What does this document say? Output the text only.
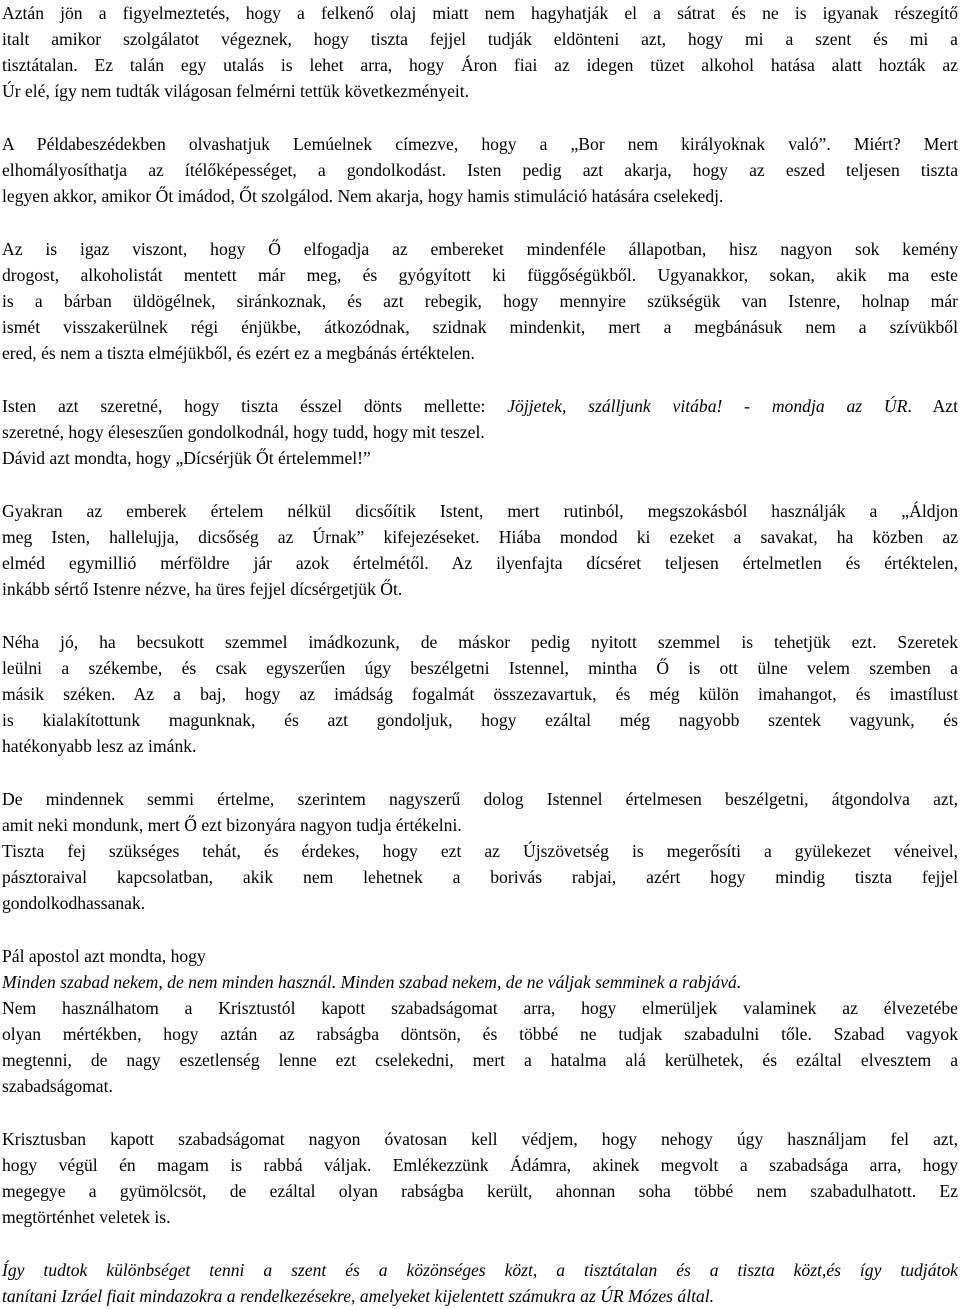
Aztán jön a figyelmeztetés, hogy a felkenő olaj miatt nem hagyhatják el a sátrat és ne is igyanak részegítő
italt amikor szolgálatot végeznek, hogy tiszta fejjel tudják eldönteni azt, hogy mi a szent és mi a
tisztátalan. Ez talán egy utalás is lehet arra, hogy Áron fiai az idegen tüzet alkohol hatása alatt hozták az
Úr elé, így nem tudták világosan felmérni tettük következményeit.
A Példabeszédekben olvashatjuk Lemúelnek címezve, hogy a „Bor nem királyoknak való”. Miért? Mert
elhomályosíthatja az ítélőképességet, a gondolkodást. Isten pedig azt akarja, hogy az eszed teljesen tiszta
legyen akkor, amikor Őt imádod, Őt szolgálod. Nem akarja, hogy hamis stimuláció hatására cselekedj.
Az is igaz viszont, hogy Ő elfogadja az embereket mindenféle állapotban, hisz nagyon sok kemény
drogost, alkoholistát mentett már meg, és gyógyított ki függőségükből. Ugyanakkor, sokan, akik ma este
is a bárban üldögélnek, siránkoznak, és azt rebegik, hogy mennyire szükségük van Istenre, holnap már
ismét visszakerülnek régi énjükbe, átkozódnak, szidnak mindenkit, mert a megbánásuk nem a szívükből
ered, és nem a tiszta elméjükből, és ezért ez a megbánás értéktelen.
Isten azt szeretné, hogy tiszta ésszel dönts mellette: Jöjjetek, szálljunk vitába! - mondja az ÚR. Azt
szeretné, hogy éleseszűen gondolkodnál, hogy tudd, hogy mit teszel.
Dávid azt mondta, hogy „Dícsérjük Őt értelemmel!”
Gyakran az emberek értelem nélkül dicsőítik Istent, mert rutinból, megszokásból használják a „Áldjon
meg Isten, hallelujja, dicsőség az Úrnak” kifejezéseket. Hiába mondod ki ezeket a savakat, ha közben az
elméd egymillió mérföldre jár azok értelmétől. Az ilyenfajta dícséret teljesen értelmetlen és értéktelen,
inkább sértő Istenre nézve, ha üres fejjel dícsérgetjük Őt.
Néha jó, ha becsukott szemmel imádkozunk, de máskor pedig nyitott szemmel is tehetjük ezt. Szeretek
leülni a székembe, és csak egyszerűen úgy beszélgetni Istennel, mintha Ő is ott ülne velem szemben a
másik széken. Az a baj, hogy az imádság fogalmát összezavartuk, és még külön imahangot, és imastílust
is kialakítottunk magunknak, és azt gondoljuk, hogy ezáltal még nagyobb szentek vagyunk, és
hatékonyabb lesz az imánk.
De mindennek semmi értelme, szerintem nagyszerű dolog Istennel értelmesen beszélgetni, átgondolva azt,
amit neki mondunk, mert Ő ezt bizonyára nagyon tudja értékelni.
Tiszta fej szükséges tehát, és érdekes, hogy ezt az Újszövetség is megerősíti a gyülekezet véneivel,
pásztoraival kapcsolatban, akik nem lehetnek a borivás rabjai, azért hogy mindig tiszta fejjel
gondolkodhassanak.
Pál apostol azt mondta, hogy
Minden szabad nekem, de nem minden használ. Minden szabad nekem, de ne váljak semminek a rabjává.
Nem használhatom a Krisztustól kapott szabadságomat arra, hogy elmerüljek valaminek az élvezetébe
olyan mértékben, hogy aztán az rabságba döntsön, és többé ne tudjak szabadulni tőle. Szabad vagyok
megtenni, de nagy eszetlenség lenne ezt cselekedni, mert a hatalma alá kerülhetek, és ezáltal elvesztem a
szabadságomat.
Krisztusban kapott szabadságomat nagyon óvatosan kell védjem, hogy nehogy úgy használjam fel azt,
hogy végül én magam is rabbá váljak. Emlékezzünk Ádámra, akinek megvolt a szabadsága arra, hogy
megegye a gyümölcsöt, de ezáltal olyan rabságba került, ahonnan soha többé nem szabadulhatott. Ez
megtörténhet veletek is.
Így tudtok különbséget tenni a szent és a közönséges közt, a tisztátalan és a tiszta közt,és így tudjátok
tanítani Izráel fiait mindazokra a rendelkezésekre, amelyeket kijelentett számukra az ÚR Mózes által.
